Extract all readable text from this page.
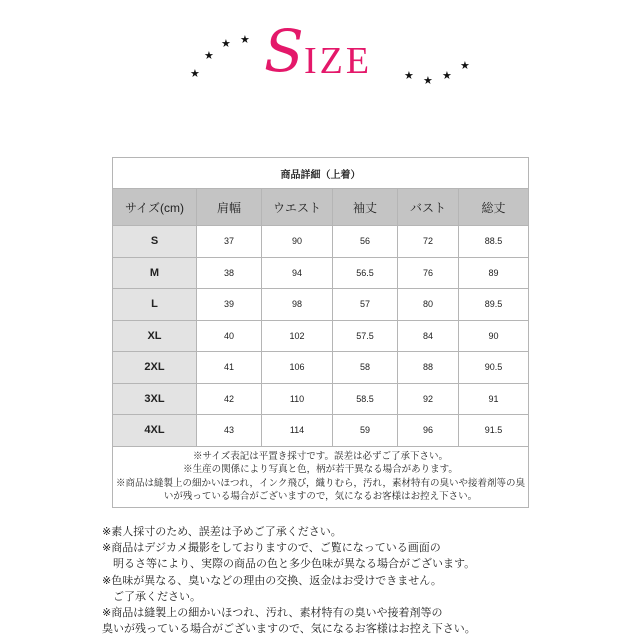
★
★
★ ★ S IZE	★ ★ ★
★
商品詳細（上着）					
サイズ(cm)	肩幅	ウエスト	袖丈	バスト	総丈
S	37	90	56	72	88.5
M	38	94	56.5	76	89
L	39	98	57	80	89.5
XL	40	102	57.5	84	90
2XL	41	106	58	88	90.5
3XL	42	110	58.5	92	91
4XL	43	114	59	96	91.5

※サイズ表記は平置き採寸です。誤差は必ずご了承下さい。
※生産の関係により写真と色，柄が若干異なる場合があります。
※商品は縫製上の細かいほつれ，インク飛び，織りむら，汚れ，素材特有の臭いや接着剤等の臭
いが残っている場合がございますので，気になるお客様はお控え下さい。					
※素人採寸のため、誤差は予めご了承ください。
※商品はデジカメ撮影をしておりますので、ご覧になっている画面の
　明るさ等により、実際の商品の色と多少色味が異なる場合がございます。
※色味が異なる、臭いなどの理由の交換、返金はお受けできません。
　ご了承ください。
※商品は縫製上の細かいほつれ、汚れ、素材特有の臭いや接着剤等の
臭いが残っている場合がございますので、気になるお客様はお控え下さい。
